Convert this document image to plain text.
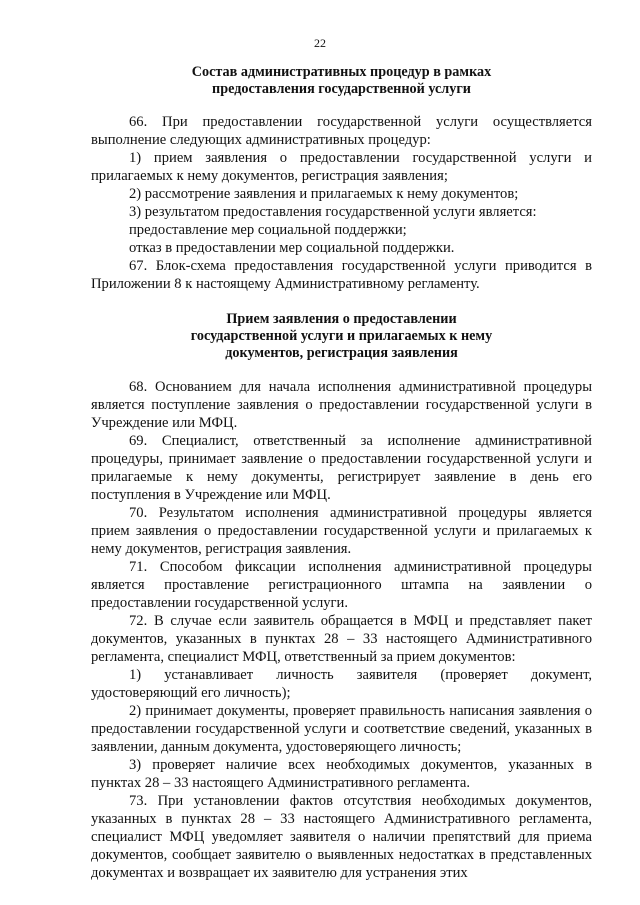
22
Состав административных процедур в рамках
предоставления государственной услуги

66. При предоставлении государственной услуги осуществляется выполнение следующих административных процедур:

1) прием заявления о предоставлении государственной услуги и прилагаемых к нему документов, регистрация заявления;

2) рассмотрение заявления и прилагаемых к нему документов;

3) результатом предоставления государственной услуги является:

предоставление мер социальной поддержки;

отказ в предоставлении мер социальной поддержки.

67. Блок-схема предоставления государственной услуги приводится в Приложении 8 к настоящему Административному регламенту.

Прием заявления о предоставлении
государственной услуги и прилагаемых к нему
документов, регистрация заявления

68. Основанием для начала исполнения административной процедуры является поступление заявления о предоставлении государственной услуги в Учреждение или МФЦ.

69. Специалист, ответственный за исполнение административной процедуры, принимает заявление о предоставлении государственной услуги и прилагаемые к нему документы, регистрирует заявление в день его поступления в Учреждение или МФЦ.

70. Результатом исполнения административной процедуры является прием заявления о предоставлении государственной услуги и прилагаемых к нему документов, регистрация заявления.

71. Способом фиксации исполнения административной процедуры является проставление регистрационного штампа на заявлении о предоставлении государственной услуги.

72. В случае если заявитель обращается в МФЦ и представляет пакет документов, указанных в пунктах 28 – 33 настоящего Административного регламента, специалист МФЦ, ответственный за прием документов:

1) устанавливает личность заявителя (проверяет документ, удостоверяющий его личность);

2) принимает документы, проверяет правильность написания заявления о предоставлении государственной услуги и соответствие сведений, указанных в заявлении, данным документа, удостоверяющего личность;

3) проверяет наличие всех необходимых документов, указанных в пунктах 28 – 33 настоящего Административного регламента.

73. При установлении фактов отсутствия необходимых документов, указанных в пунктах 28 – 33 настоящего Административного регламента, специалист МФЦ уведомляет заявителя о наличии препятствий для приема документов, сообщает заявителю о выявленных недостатках в представленных документах и возвращает их заявителю для устранения этих
